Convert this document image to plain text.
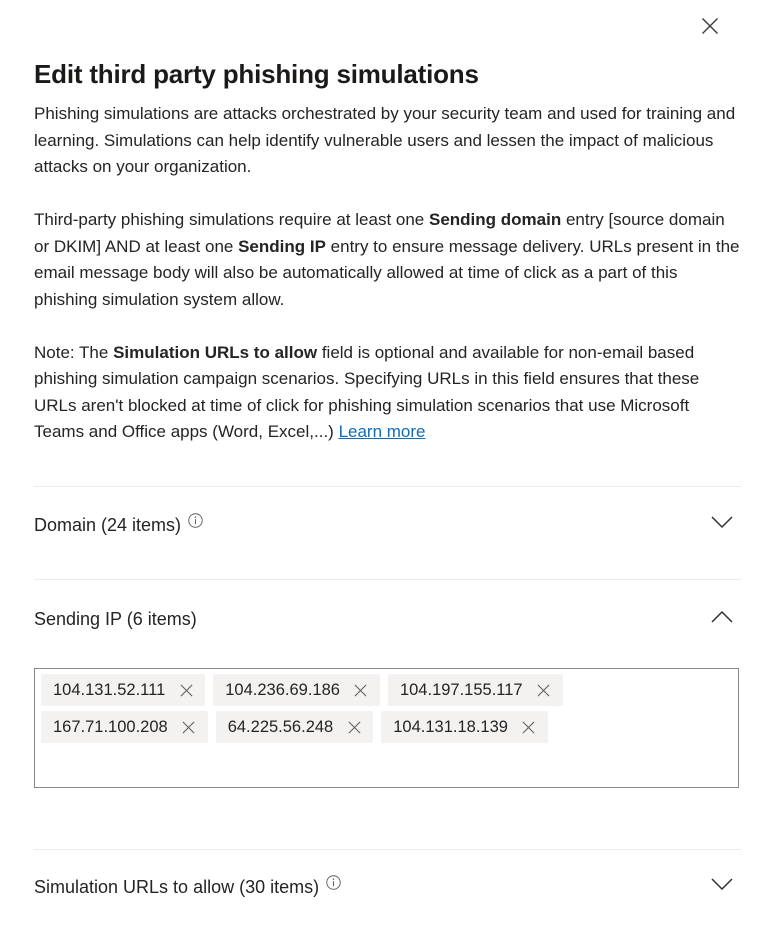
Edit third party phishing simulations

Phishing simulations are attacks orchestrated by your security team and used for training and learning. Simulations can help identify vulnerable users and lessen the impact of malicious attacks on your organization.

Third-party phishing simulations require at least one Sending domain entry [source domain or DKIM] AND at least one Sending IP entry to ensure message delivery. URLs present in the email message body will also be automatically allowed at time of click as a part of this phishing simulation system allow.

Note: The Simulation URLs to allow field is optional and available for non-email based phishing simulation campaign scenarios. Specifying URLs in this field ensures that these URLs aren't blocked at time of click for phishing simulation scenarios that use Microsoft Teams and Office apps (Word, Excel,...) Learn more

Domain (24 items)
Sending IP (6 items)
104.131.52.111	104.236.69.186	104.197.155.117
167.71.100.208	64.225.56.248	104.131.18.139
Simulation URLs to allow (30 items)
